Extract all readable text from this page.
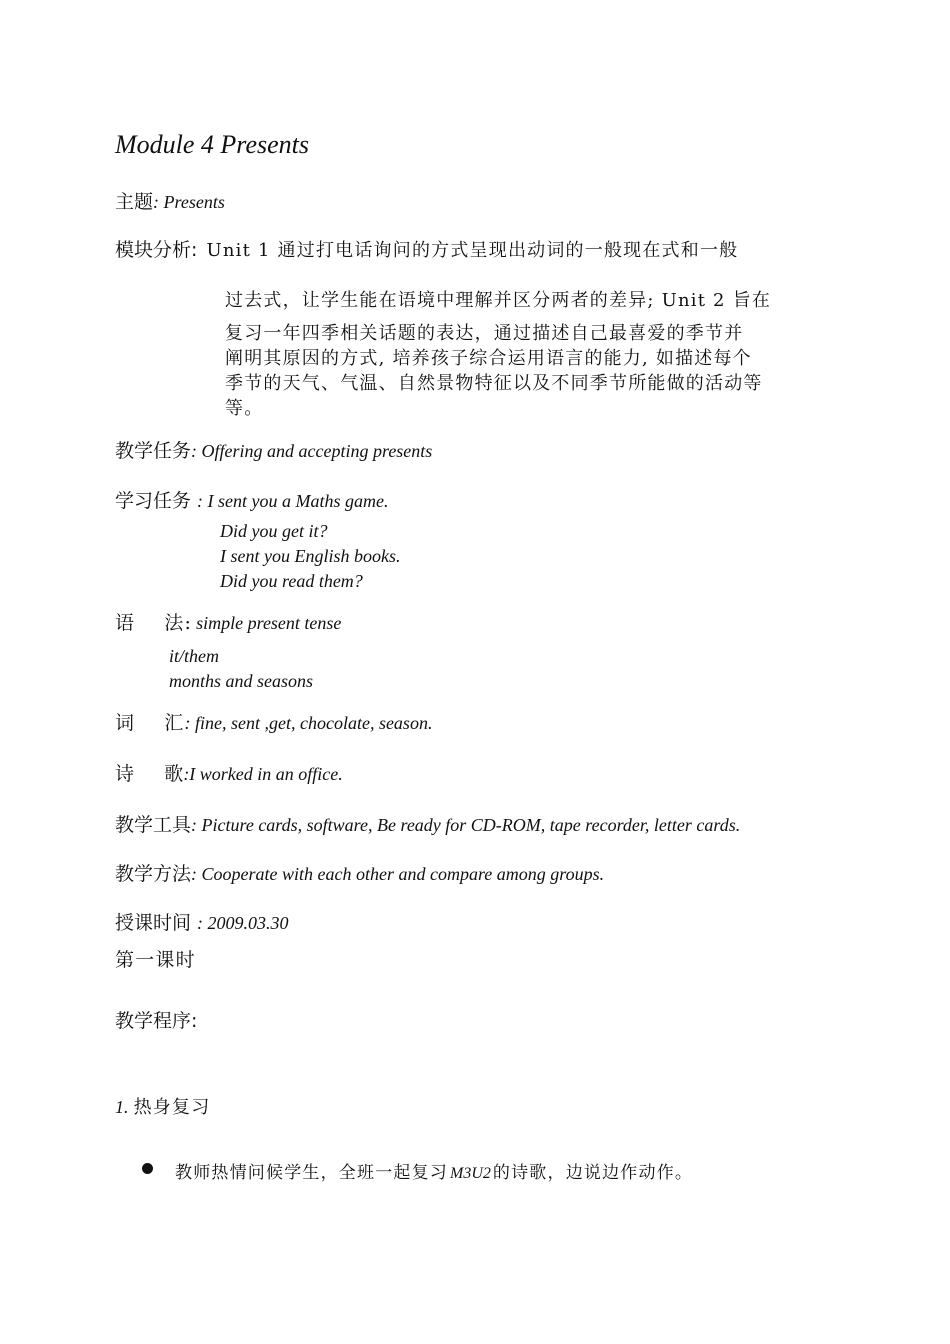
Module 4 Presents
主题: Presents
模块分析: Unit 1 通过打电话询问的方式呈现出动词的一般现在式和一般
过去式，让学生能在语境中理解并区分两者的差异; Unit 2 旨在
复习一年四季相关话题的表达，通过描述自己最喜爱的季节并
阐明其原因的方式, 培养孩子综合运用语言的能力, 如描述每个
季节的天气、气温、自然景物特征以及不同季节所能做的活动等
等。
教学任务: Offering and accepting presents
学习任务 : I sent you a Maths game.
Did you get it?
I sent you English books.
Did you read them?
语 法: simple present tense
it/them
months and seasons
词 汇: fine, sent ,get, chocolate, season.
诗 歌:I worked in an office.
教学工具: Picture cards, software, Be ready for CD-ROM, tape recorder, letter cards.
教学方法: Cooperate with each other and compare among groups.
授课时间 : 2009.03.30
第一课时
教学程序:
1. 热身复习
教师热情问候学生，全班一起复习 M3U2 的诗歌，边说边作动作。
